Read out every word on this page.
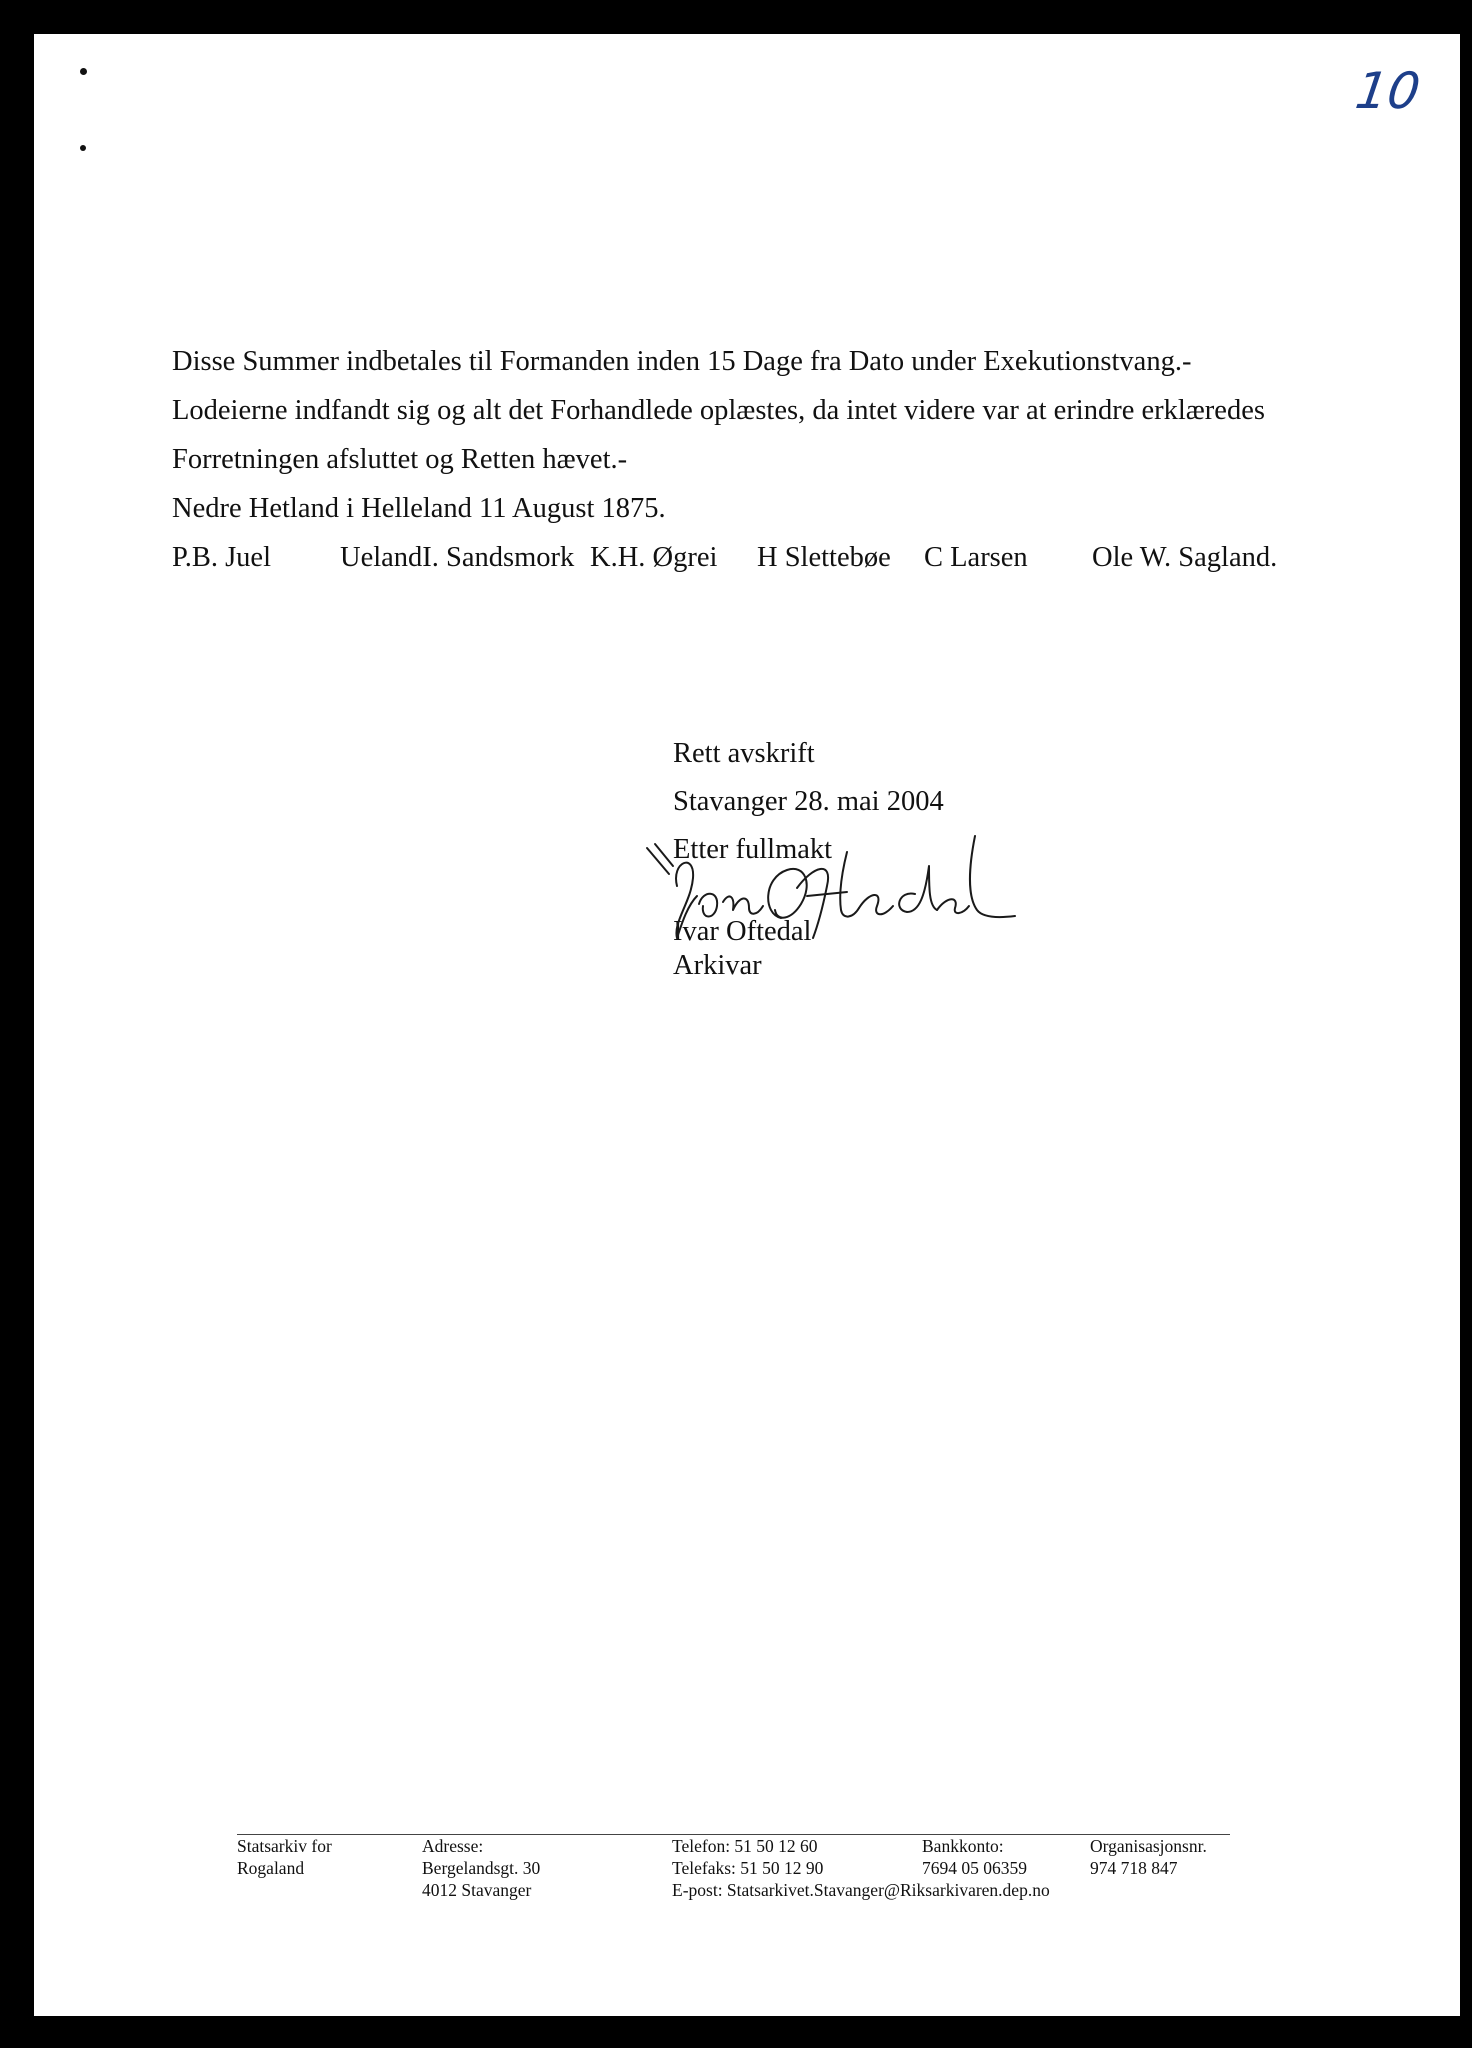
10
Disse Summer indbetales til Formanden inden 15 Dage fra Dato under Exekutionstvang.-
Lodeierne indfandt sig og alt det Forhandlede oplæstes, da intet videre var at erindre erklæredes
Forretningen afsluttet og Retten hævet.-
Nedre Hetland i Helleland 11 August 1875.
P.B. Juel UelandI. Sandsmork K.H. Øgrei H Slettebøe C Larsen Ole W. Sagland.
Rett avskrift
Stavanger 28. mai 2004
Etter fullmakt
Ivar Oftedal
Arkivar
Statsarkiv for
Rogaland
Adresse:
Bergelandsgt. 30
4012 Stavanger
Telefon: 51 50 12 60
Telefaks: 51 50 12 90
E-post: Statsarkivet.Stavanger@Riksarkivaren.dep.no
Bankkonto:
7694 05 06359
Organisasjonsnr.
974 718 847
